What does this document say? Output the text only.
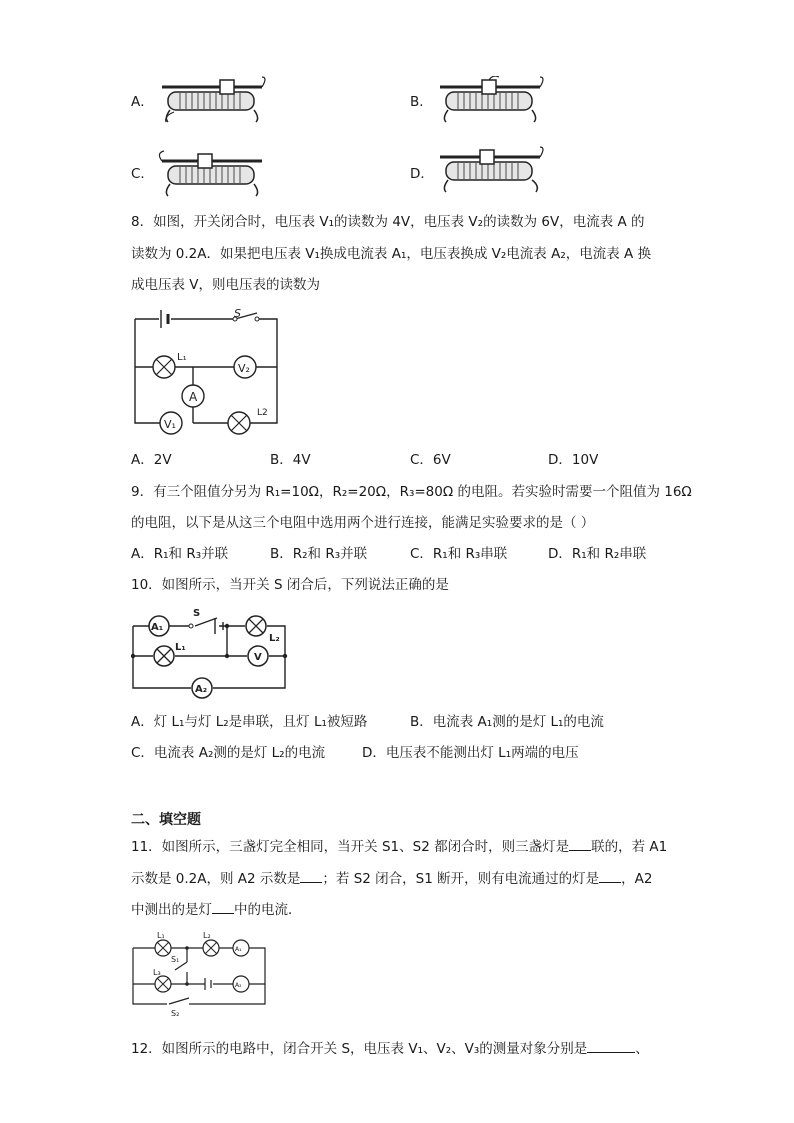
A．	B．
C．	D．
8．如图，开关闭合时，电压表 V₁的读数为 4V，电压表 V₂的读数为 6V，电流表 A 的
读数为 0.2A．如果把电压表 V₁换成电流表 A₁，电压表换成 V₂电流表 A₂，电流表 A 换
成电压表 V，则电压表的读数为
S
L₁
L2
V₂
A
V₁
A．2V	B．4V	C．6V	D．10V
9．有三个阻值分另为 R₁=10Ω，R₂=20Ω，R₃=80Ω 的电阻。若实验时需要一个阻值为 16Ω
的电阻，以下是从这三个电阻中选用两个进行连接，能满足实验要求的是（ ）
A．R₁和 R₃并联	B．R₂和 R₃并联	C．R₁和 R₃串联	D．R₁和 R₂串联
10．如图所示，当开关 S 闭合后，下列说法正确的是
A₁
S
L₂
L₁
V
A₂
A．灯 L₁与灯 L₂是串联，且灯 L₁被短路	B．电流表 A₁测的是灯 L₁的电流
C．电流表 A₂测的是灯 L₂的电流	D．电压表不能测出灯 L₁两端的电压
二、填空题
11．如图所示，三盏灯完全相同，当开关 S1、S2 都闭合时，则三盏灯是 联的，若 A1
示数是 0.2A，则 A2 示数是 ；若 S2 闭合，S1 断开，则有电流通过的灯是 ，A2
中测出的是灯 中的电流．
L₁	L₂
L₃
S₁
S₂
A₁
A₂
12．如图所示的电路中，闭合开关 S，电压表 V₁、V₂、V₃的测量对象分别是	、
